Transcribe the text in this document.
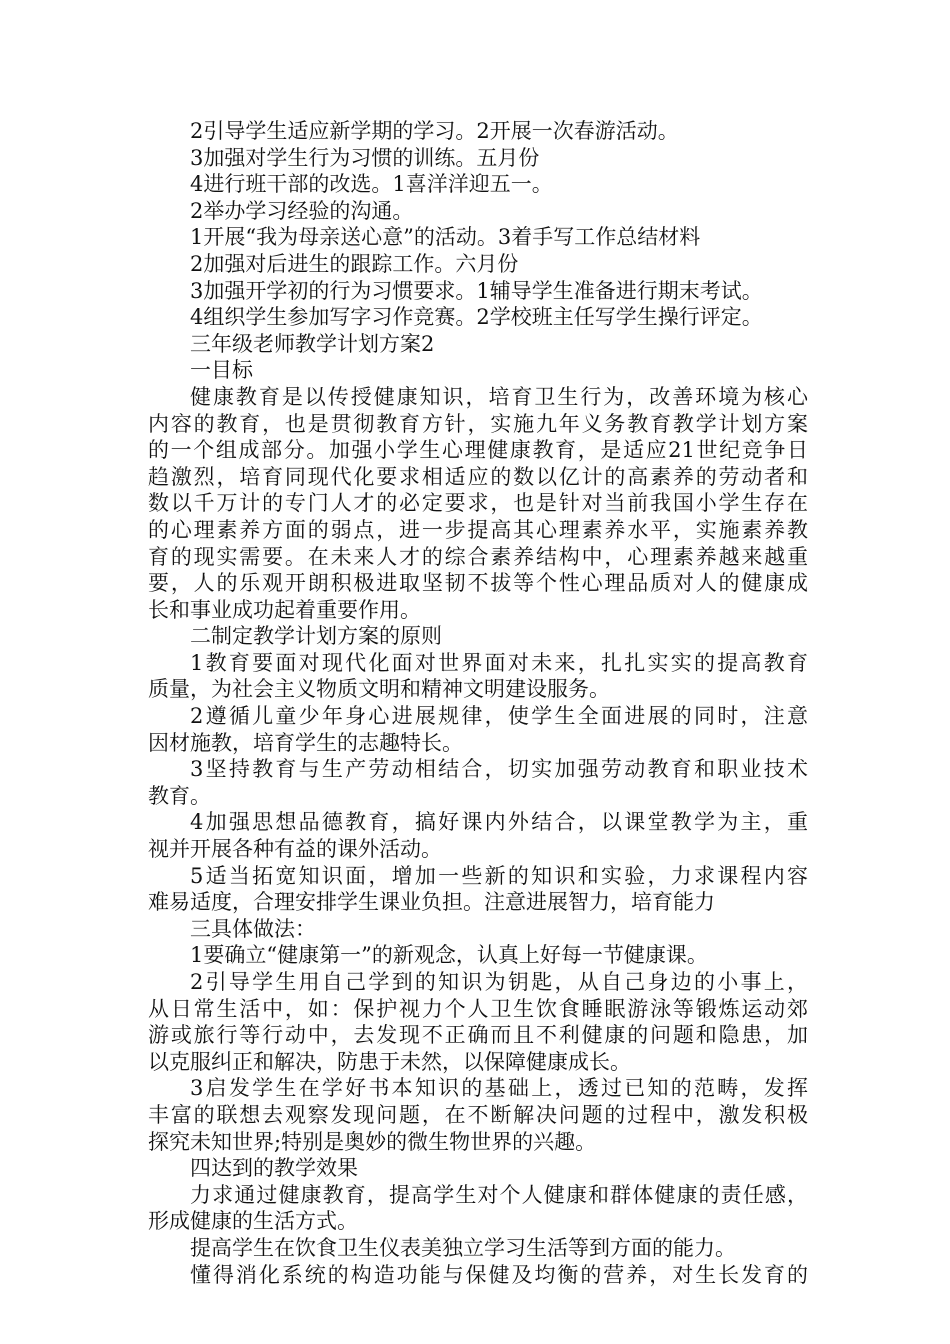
2引导学生适应新学期的学习。2开展一次春游活动。
3加强对学生行为习惯的训练。五月份
4进行班干部的改选。1喜洋洋迎五一。
2举办学习经验的沟通。
1开展“我为母亲送心意”的活动。3着手写工作总结材料
2加强对后进生的跟踪工作。六月份
3加强开学初的行为习惯要求。1辅导学生准备进行期末考试。
4组织学生参加写字习作竞赛。2学校班主任写学生操行评定。
三年级老师教学计划方案2
一目标
健康教育是以传授健康知识，培育卫生行为，改善环境为核心
内容的教育，也是贯彻教育方针，实施九年义务教育教学计划方案
的一个组成部分。加强小学生心理健康教育，是适应21世纪竞争日
趋激烈，培育同现代化要求相适应的数以亿计的高素养的劳动者和
数以千万计的专门人才的必定要求，也是针对当前我国小学生存在
的心理素养方面的弱点，进一步提高其心理素养水平，实施素养教
育的现实需要。在未来人才的综合素养结构中，心理素养越来越重
要，人的乐观开朗积极进取坚韧不拔等个性心理品质对人的健康成
长和事业成功起着重要作用。
二制定教学计划方案的原则
1教育要面对现代化面对世界面对未来，扎扎实实的提高教育
质量，为社会主义物质文明和精神文明建设服务。
2遵循儿童少年身心进展规律，使学生全面进展的同时，注意
因材施教，培育学生的志趣特长。
3坚持教育与生产劳动相结合，切实加强劳动教育和职业技术
教育。
4加强思想品德教育，搞好课内外结合，以课堂教学为主，重
视并开展各种有益的课外活动。
5适当拓宽知识面，增加一些新的知识和实验，力求课程内容
难易适度，合理安排学生课业负担。注意进展智力，培育能力
三具体做法：
1要确立“健康第一”的新观念，认真上好每一节健康课。
2引导学生用自己学到的知识为钥匙，从自己身边的小事上，
从日常生活中，如：保护视力个人卫生饮食睡眠游泳等锻炼运动郊
游或旅行等行动中，去发现不正确而且不利健康的问题和隐患，加
以克服纠正和解决，防患于未然，以保障健康成长。
3启发学生在学好书本知识的基础上，透过已知的范畴，发挥
丰富的联想去观察发现问题，在不断解决问题的过程中，激发积极
探究未知世界;特别是奥妙的微生物世界的兴趣。
四达到的教学效果
力求通过健康教育，提高学生对个人健康和群体健康的责任感，
形成健康的生活方式。
提高学生在饮食卫生仪表美独立学习生活等到方面的能力。
懂得消化系统的构造功能与保健及均衡的营养，对生长发育的
